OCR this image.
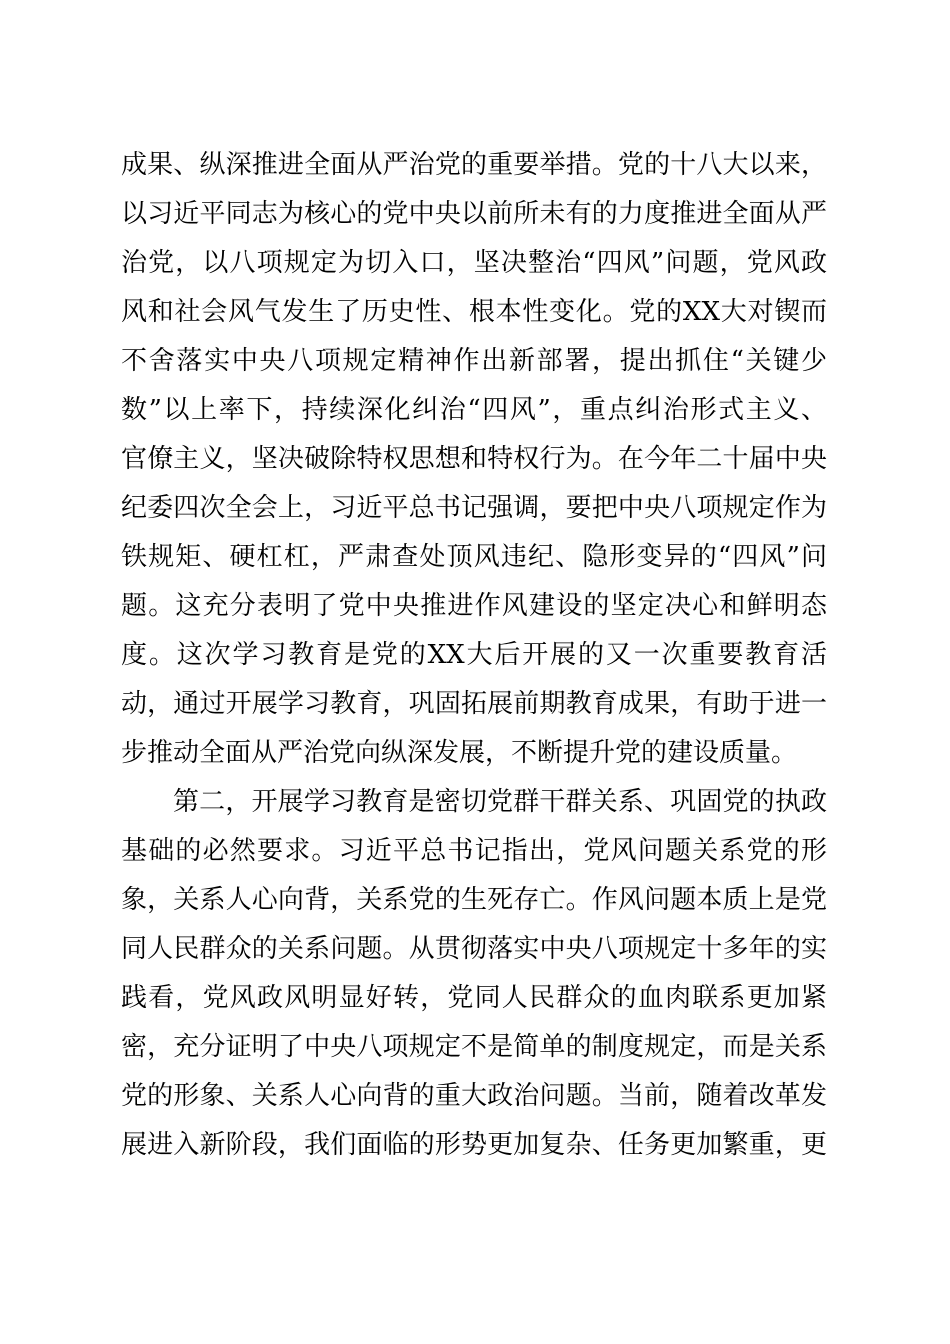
成果、纵深推进全面从严治党的重要举措。党的十八大以来，
以习近平同志为核心的党中央以前所未有的力度推进全面从严
治党，以八项规定为切入口，坚决整治“四风”问题，党风政
风和社会风气发生了历史性、根本性变化。党的XX大对锲而
不舍落实中央八项规定精神作出新部署，提出抓住“关键少
数”以上率下，持续深化纠治“四风”，重点纠治形式主义、
官僚主义，坚决破除特权思想和特权行为。在今年二十届中央
纪委四次全会上，习近平总书记强调，要把中央八项规定作为
铁规矩、硬杠杠，严肃查处顶风违纪、隐形变异的“四风”问
题。这充分表明了党中央推进作风建设的坚定决心和鲜明态
度。这次学习教育是党的XX大后开展的又一次重要教育活
动，通过开展学习教育，巩固拓展前期教育成果，有助于进一
步推动全面从严治党向纵深发展，不断提升党的建设质量。
第二，开展学习教育是密切党群干群关系、巩固党的执政
基础的必然要求。习近平总书记指出，党风问题关系党的形
象，关系人心向背，关系党的生死存亡。作风问题本质上是党
同人民群众的关系问题。从贯彻落实中央八项规定十多年的实
践看，党风政风明显好转，党同人民群众的血肉联系更加紧
密，充分证明了中央八项规定不是简单的制度规定，而是关系
党的形象、关系人心向背的重大政治问题。当前，随着改革发
展进入新阶段，我们面临的形势更加复杂、任务更加繁重，更
